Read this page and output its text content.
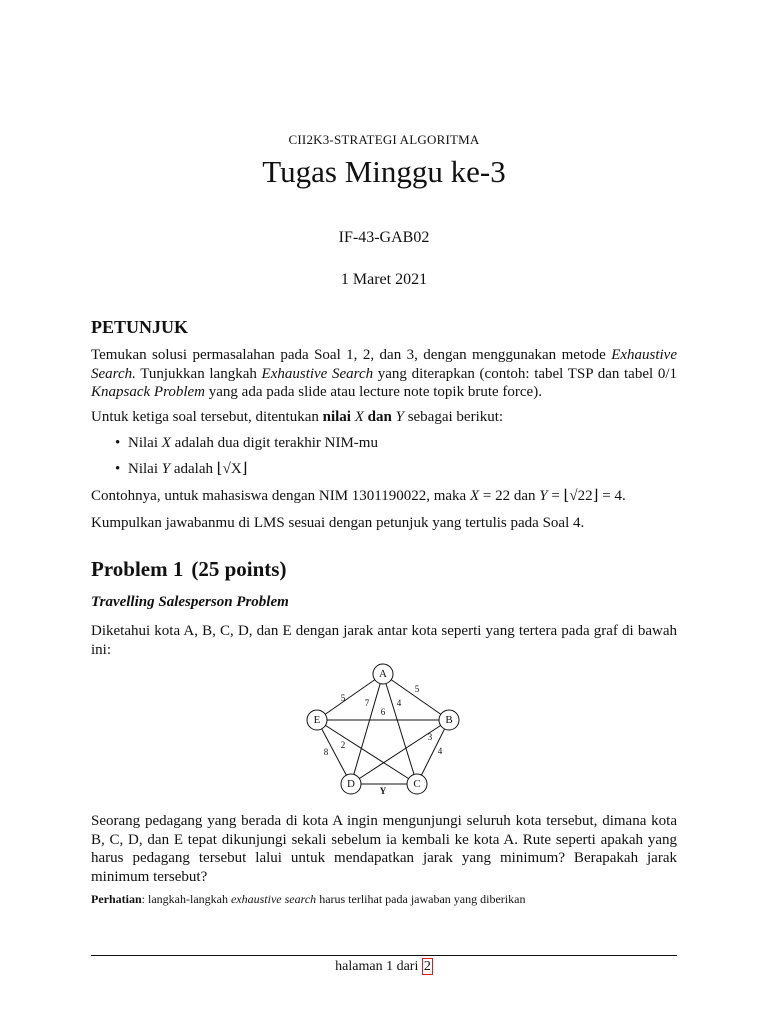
CII2K3-STRATEGI ALGORITMA
Tugas Minggu ke-3
IF-43-GAB02
1 Maret 2021
PETUNJUK
Temukan solusi permasalahan pada Soal 1, 2, dan 3, dengan menggunakan metode Exhaustive Search. Tunjukkan langkah Exhaustive Search yang diterapkan (contoh: tabel TSP dan tabel 0/1 Knapsack Problem yang ada pada slide atau lecture note topik brute force).
Untuk ketiga soal tersebut, ditentukan nilai X dan Y sebagai berikut:
• Nilai X adalah dua digit terakhir NIM-mu
• Nilai Y adalah ⌊√X⌋
Contohnya, untuk mahasiswa dengan NIM 1301190022, maka X = 22 dan Y = ⌊√22⌋ = 4.
Kumpulkan jawabanmu di LMS sesuai dengan petunjuk yang tertulis pada Soal 4.
Problem 1 (25 points)
Travelling Salesperson Problem
Diketahui kota A, B, C, D, dan E dengan jarak antar kota seperti yang tertera pada graf di bawah ini:
5
5
7	4
6
2
8
3
4
Y
A
B
C
D
E
Seorang pedagang yang berada di kota A ingin mengunjungi seluruh kota tersebut, dimana kota B, C, D, dan E tepat dikunjungi sekali sebelum ia kembali ke kota A. Rute seperti apakah yang harus pedagang tersebut lalui untuk mendapatkan jarak yang minimum? Berapakah jarak minimum tersebut?
Perhatian: langkah-langkah exhaustive search harus terlihat pada jawaban yang diberikan
halaman 1 dari 2
